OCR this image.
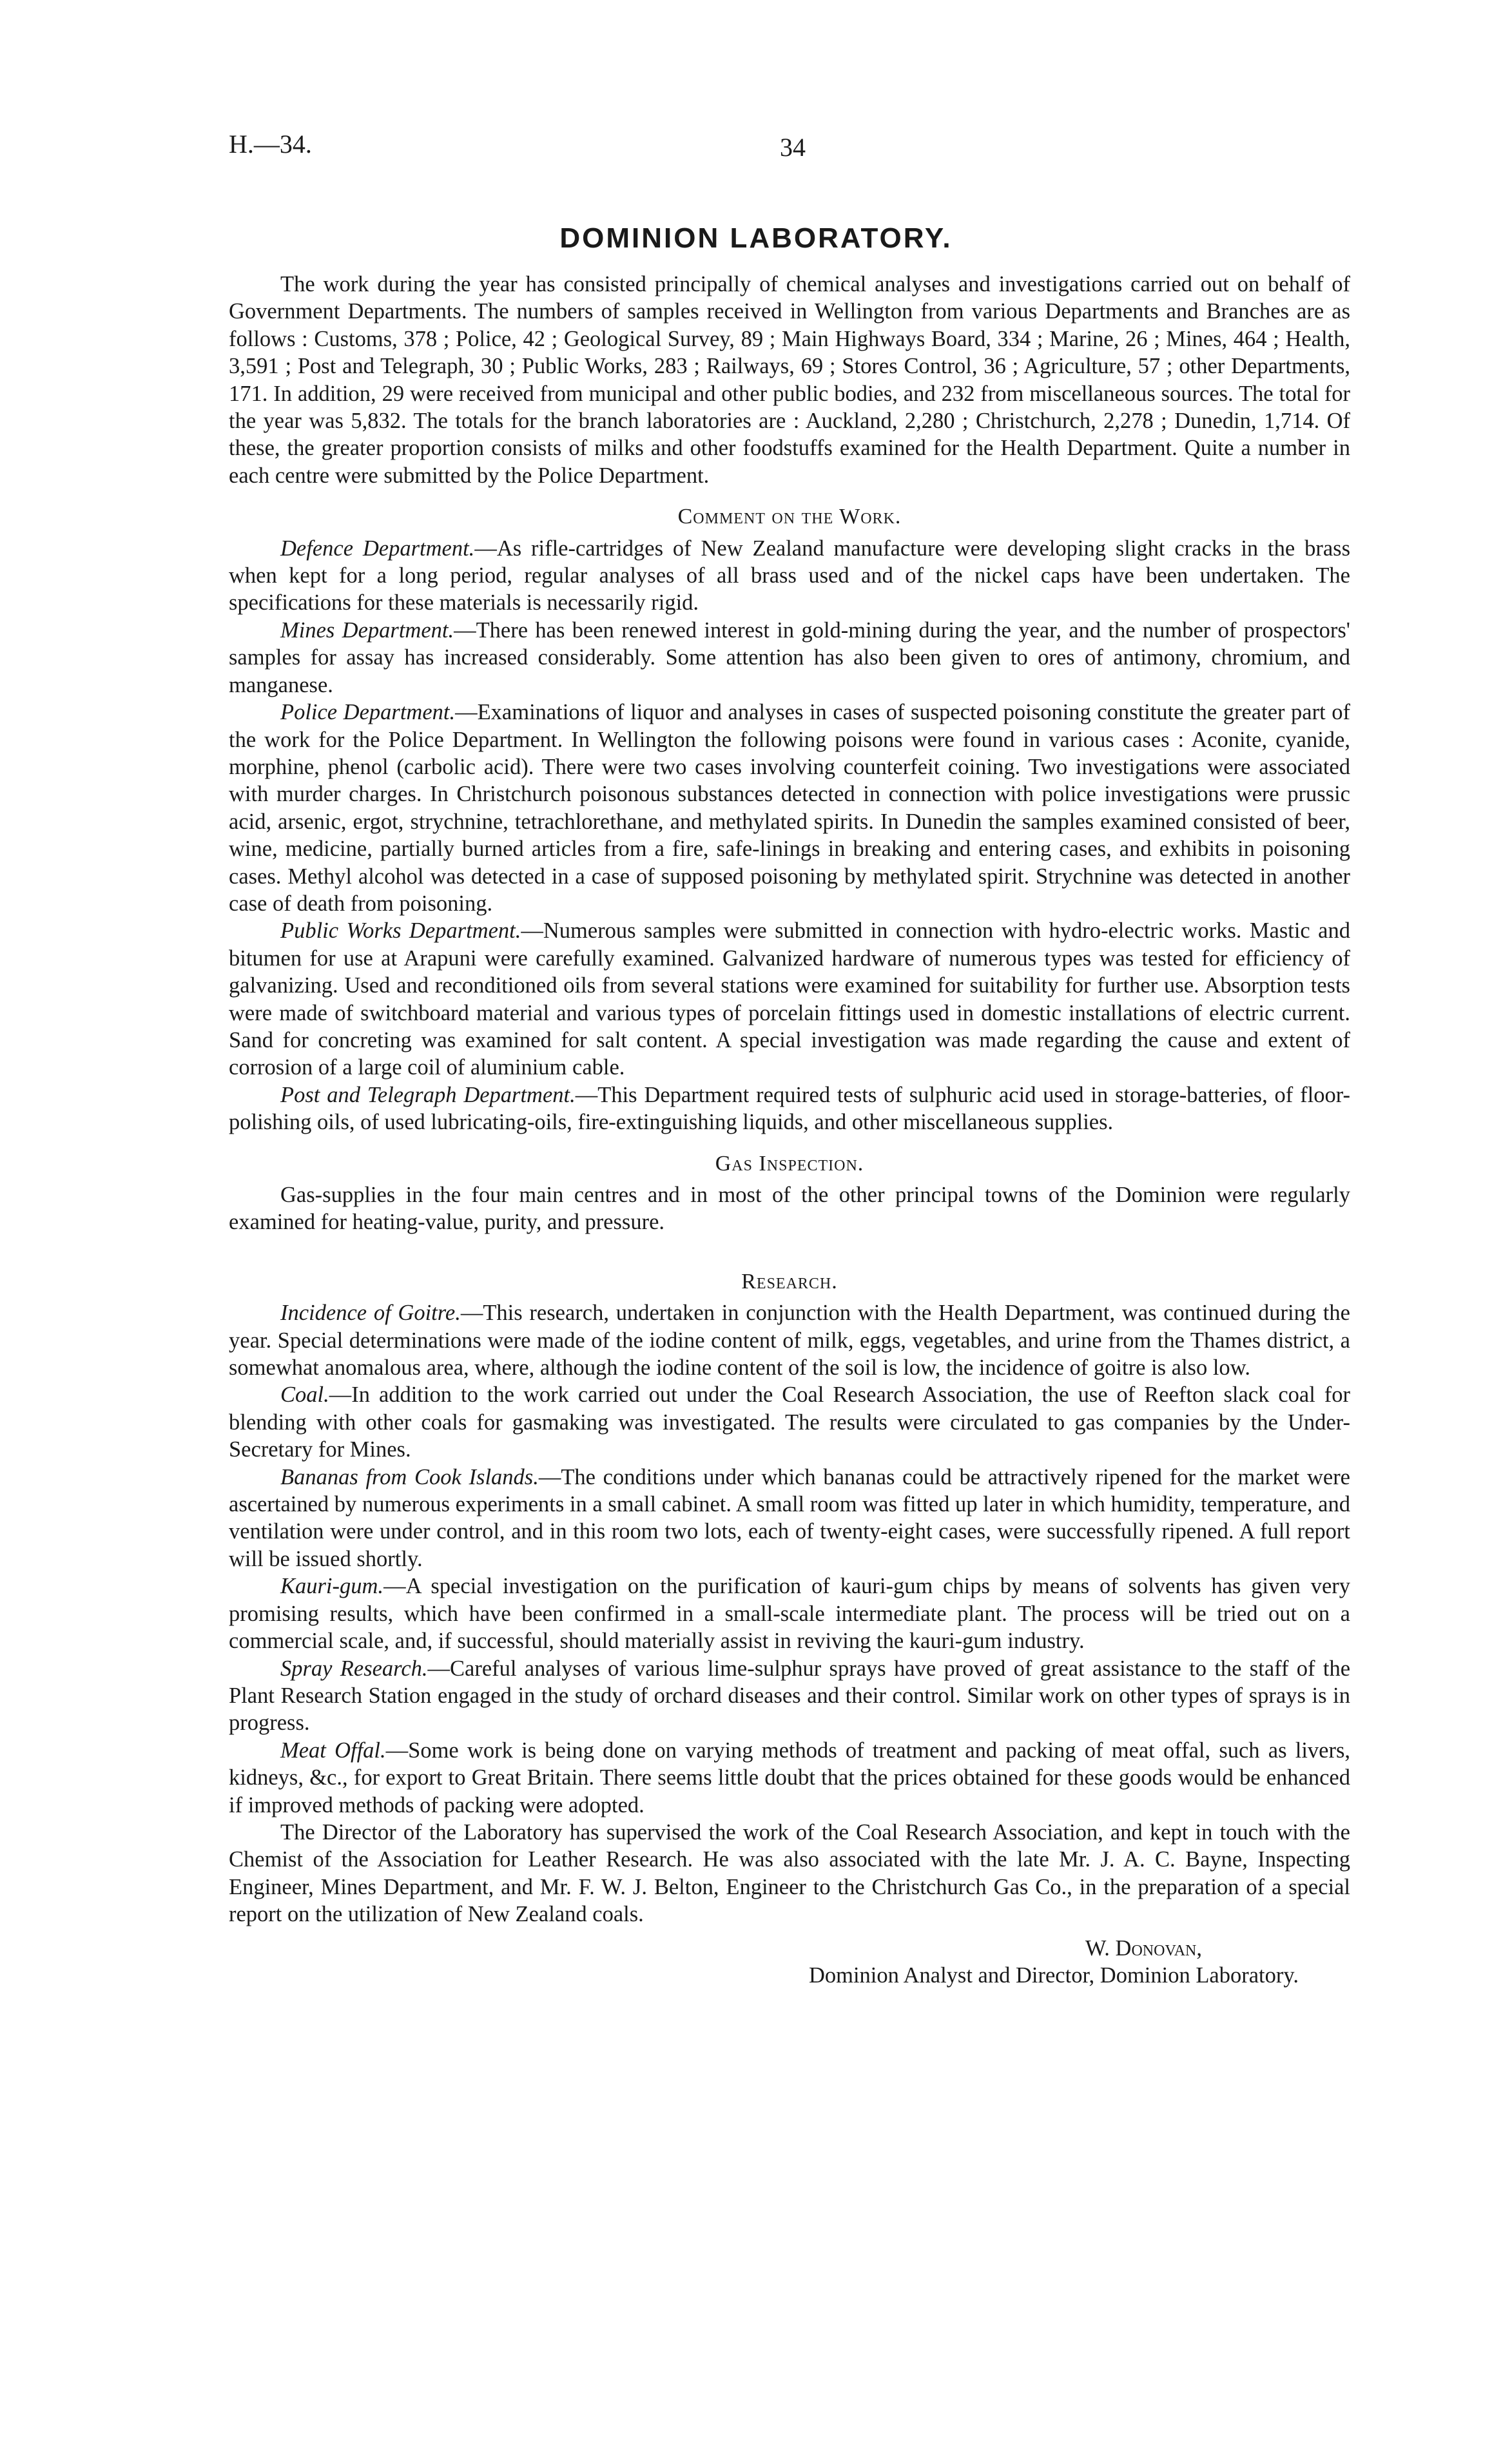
H.—34.	34
DOMINION LABORATORY.

The work during the year has consisted principally of chemical analyses and investigations carried out on behalf of Government Departments. The numbers of samples received in Wellington from various Departments and Branches are as follows : Customs, 378 ; Police, 42 ; Geological Survey, 89 ; Main Highways Board, 334 ; Marine, 26 ; Mines, 464 ; Health, 3,591 ; Post and Telegraph, 30 ; Public Works, 283 ; Railways, 69 ; Stores Control, 36 ; Agriculture, 57 ; other Departments, 171. In addition, 29 were received from municipal and other public bodies, and 232 from miscellaneous sources. The total for the year was 5,832. The totals for the branch laboratories are : Auckland, 2,280 ; Christchurch, 2,278 ; Dunedin, 1,714. Of these, the greater proportion consists of milks and other foodstuffs examined for the Health Department. Quite a number in each centre were submitted by the Police Department.

Comment on the Work.

Defence Department.—As rifle-cartridges of New Zealand manufacture were developing slight cracks in the brass when kept for a long period, regular analyses of all brass used and of the nickel caps have been undertaken. The specifications for these materials is necessarily rigid.

Mines Department.—There has been renewed interest in gold-mining during the year, and the number of prospectors' samples for assay has increased considerably. Some attention has also been given to ores of antimony, chromium, and manganese.

Police Department.—Examinations of liquor and analyses in cases of suspected poisoning constitute the greater part of the work for the Police Department. In Wellington the following poisons were found in various cases : Aconite, cyanide, morphine, phenol (carbolic acid). There were two cases involving counterfeit coining. Two investigations were associated with murder charges. In Christchurch poisonous substances detected in connection with police investigations were prussic acid, arsenic, ergot, strychnine, tetrachlorethane, and methylated spirits. In Dunedin the samples examined consisted of beer, wine, medicine, partially burned articles from a fire, safe-linings in breaking and entering cases, and exhibits in poisoning cases. Methyl alcohol was detected in a case of supposed poisoning by methylated spirit. Strychnine was detected in another case of death from poisoning.

Public Works Department.—Numerous samples were submitted in connection with hydro-electric works. Mastic and bitumen for use at Arapuni were carefully examined. Galvanized hardware of numerous types was tested for efficiency of galvanizing. Used and reconditioned oils from several stations were examined for suitability for further use. Absorption tests were made of switchboard material and various types of porcelain fittings used in domestic installations of electric current. Sand for concreting was examined for salt content. A special investigation was made regarding the cause and extent of corrosion of a large coil of aluminium cable.

Post and Telegraph Department.—This Department required tests of sulphuric acid used in storage-batteries, of floor-polishing oils, of used lubricating-oils, fire-extinguishing liquids, and other miscellaneous supplies.

Gas Inspection.

Gas-supplies in the four main centres and in most of the other principal towns of the Dominion were regularly examined for heating-value, purity, and pressure.

Research.

Incidence of Goitre.—This research, undertaken in conjunction with the Health Department, was continued during the year. Special determinations were made of the iodine content of milk, eggs, vegetables, and urine from the Thames district, a somewhat anomalous area, where, although the iodine content of the soil is low, the incidence of goitre is also low.

Coal.—In addition to the work carried out under the Coal Research Association, the use of Reefton slack coal for blending with other coals for gasmaking was investigated. The results were circulated to gas companies by the Under-Secretary for Mines.

Bananas from Cook Islands.—The conditions under which bananas could be attractively ripened for the market were ascertained by numerous experiments in a small cabinet. A small room was fitted up later in which humidity, temperature, and ventilation were under control, and in this room two lots, each of twenty-eight cases, were successfully ripened. A full report will be issued shortly.

Kauri-gum.—A special investigation on the purification of kauri-gum chips by means of solvents has given very promising results, which have been confirmed in a small-scale intermediate plant. The process will be tried out on a commercial scale, and, if successful, should materially assist in reviving the kauri-gum industry.

Spray Research.—Careful analyses of various lime-sulphur sprays have proved of great assistance to the staff of the Plant Research Station engaged in the study of orchard diseases and their control. Similar work on other types of sprays is in progress.

Meat Offal.—Some work is being done on varying methods of treatment and packing of meat offal, such as livers, kidneys, &c., for export to Great Britain. There seems little doubt that the prices obtained for these goods would be enhanced if improved methods of packing were adopted.

The Director of the Laboratory has supervised the work of the Coal Research Association, and kept in touch with the Chemist of the Association for Leather Research. He was also associated with the late Mr. J. A. C. Bayne, Inspecting Engineer, Mines Department, and Mr. F. W. J. Belton, Engineer to the Christchurch Gas Co., in the preparation of a special report on the utilization of New Zealand coals.

W. Donovan,
Dominion Analyst and Director, Dominion Laboratory.
